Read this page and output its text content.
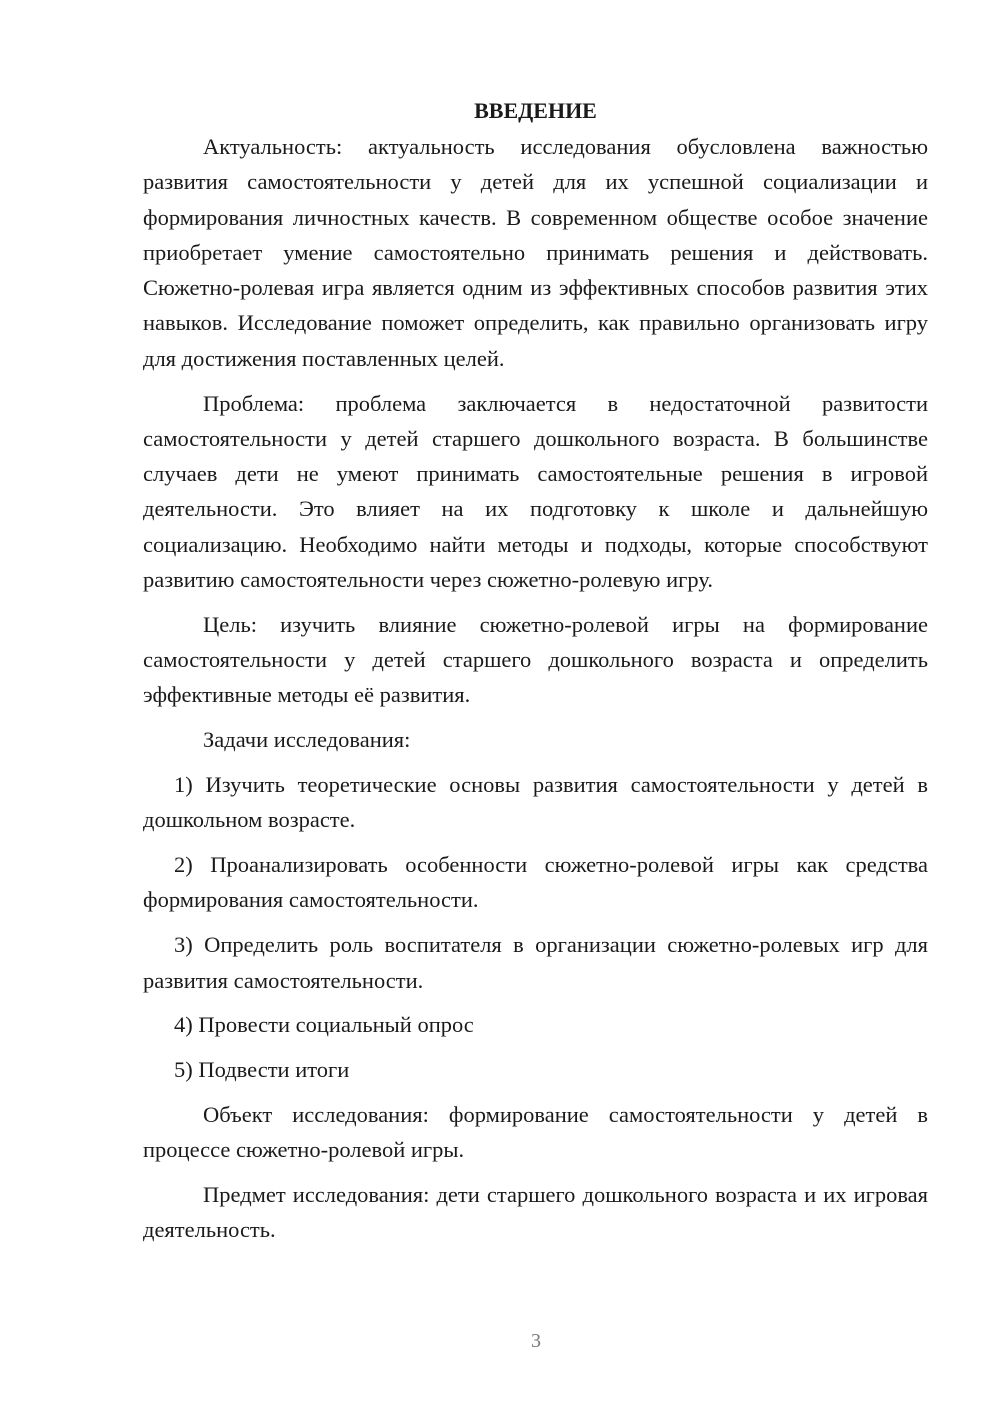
ВВЕДЕНИЕ

Актуальность: актуальность исследования обусловлена важностью развития самостоятельности у детей для их успешной социализации и формирования личностных качеств. В современном обществе особое значение приобретает умение самостоятельно принимать решения и действовать. Сюжетно-ролевая игра является одним из эффективных способов развития этих навыков. Исследование поможет определить, как правильно организовать игру для достижения поставленных целей.

Проблема: проблема заключается в недостаточной развитости самостоятельности у детей старшего дошкольного возраста. В большинстве случаев дети не умеют принимать самостоятельные решения в игровой деятельности. Это влияет на их подготовку к школе и дальнейшую социализацию. Необходимо найти методы и подходы, которые способствуют развитию самостоятельности через сюжетно-ролевую игру.

Цель: изучить влияние сюжетно-ролевой игры на формирование самостоятельности у детей старшего дошкольного возраста и определить эффективные методы её развития.

Задачи исследования:

1) Изучить теоретические основы развития самостоятельности у детей в дошкольном возрасте.

2) Проанализировать особенности сюжетно-ролевой игры как средства формирования самостоятельности.

3) Определить роль воспитателя в организации сюжетно-ролевых игр для развития самостоятельности.

4) Провести социальный опрос

5) Подвести итоги

Объект исследования: формирование самостоятельности у детей в процессе сюжетно-ролевой игры.

Предмет исследования: дети старшего дошкольного возраста и их игровая деятельность.

3
